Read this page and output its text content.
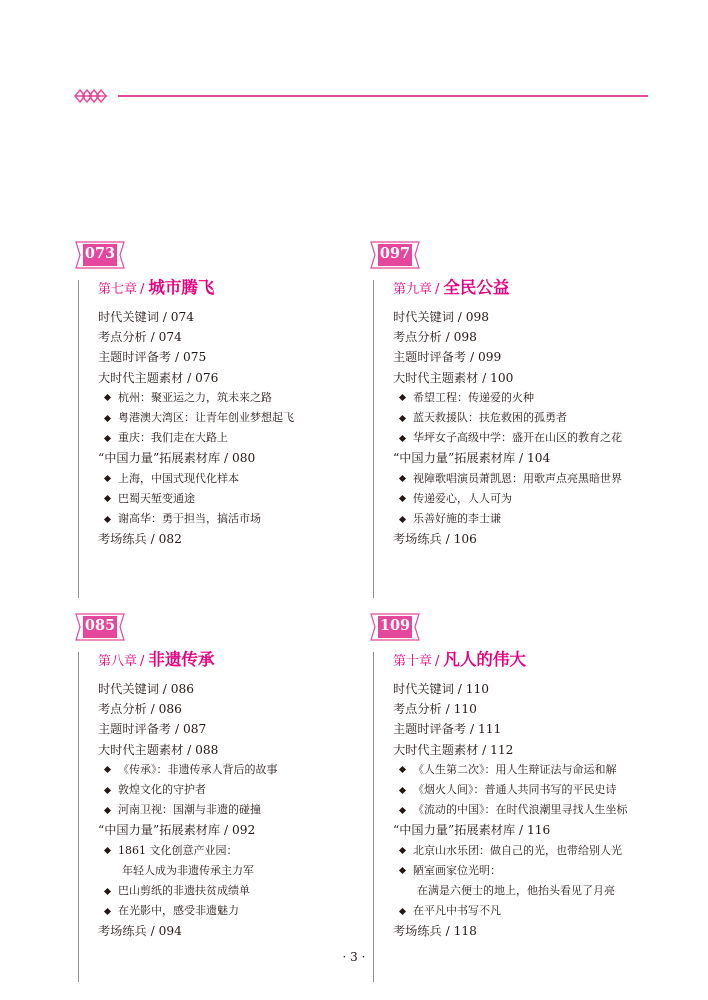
073
第七章 / 城市腾飞
时代关键词 / 074
考点分析 / 074
主题时评备考 / 075
大时代主题素材 / 076
杭州：聚亚运之力，筑未来之路
粤港澳大湾区：让青年创业梦想起飞
重庆：我们走在大路上
“中国力量”拓展素材库 / 080
上海，中国式现代化样本
巴蜀天堑变通途
谢高华：勇于担当，搞活市场
考场练兵 / 082
097
第九章 / 全民公益
时代关键词 / 098
考点分析 / 098
主题时评备考 / 099
大时代主题素材 / 100
希望工程：传递爱的火种
蓝天救援队：扶危救困的孤勇者
华坪女子高级中学：盛开在山区的教育之花
“中国力量”拓展素材库 / 104
视障歌唱演员萧凯恩：用歌声点亮黑暗世界
传递爱心，人人可为
乐善好施的李士谦
考场练兵 / 106
085
第八章 / 非遗传承
时代关键词 / 086
考点分析 / 086
主题时评备考 / 087
大时代主题素材 / 088
《传承》：非遗传承人背后的故事
敦煌文化的守护者
河南卫视：国潮与非遗的碰撞
“中国力量”拓展素材库 / 092
1861 文化创意产业园：
年轻人成为非遗传承主力军
巴山剪纸的非遗扶贫成绩单
在光影中，感受非遗魅力
考场练兵 / 094
109
第十章 / 凡人的伟大
时代关键词 / 110
考点分析 / 110
主题时评备考 / 111
大时代主题素材 / 112
《人生第二次》：用人生辩证法与命运和解
《烟火人间》：普通人共同书写的平民史诗
《流动的中国》：在时代浪潮里寻找人生坐标
“中国力量”拓展素材库 / 116
北京山水乐团：做自己的光，也带给别人光
陋室画家位光明：
在满是六便士的地上，他抬头看见了月亮
在平凡中书写不凡
考场练兵 / 118
· 3 ·
